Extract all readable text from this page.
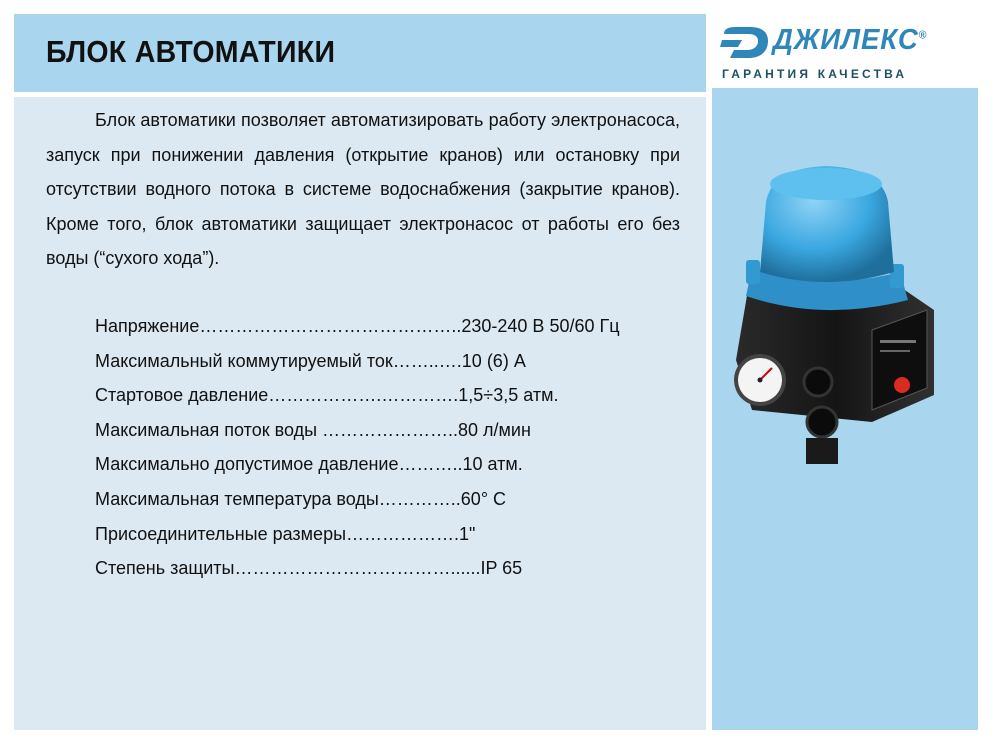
БЛОК АВТОМАТИКИ	ДЖИЛЕКС®
ГАРАНТИЯ КАЧЕСТВА

Блок автоматики позволяет автоматизировать работу электронасоса, запуск при понижении давления (открытие кранов) или остановку при отсутствии водного потока в системе водоснабжения (закрытие кранов). Кроме того, блок автоматики защищает электронасос от работы его без воды (“сухого хода”).

Напряжение……………………………………..230-240 В 50/60 Гц
Максимальный коммутируемый ток……..….10 (6) А
Стартовое давление……………….………….1,5÷3,5 атм.
Максимальная поток воды …………………..80 л/мин
Максимально допустимое давление………..10 атм.
Максимальная температура воды…………..60° С
Присоединительные размеры……………….1"
Степень защиты………………………………......IP 65
